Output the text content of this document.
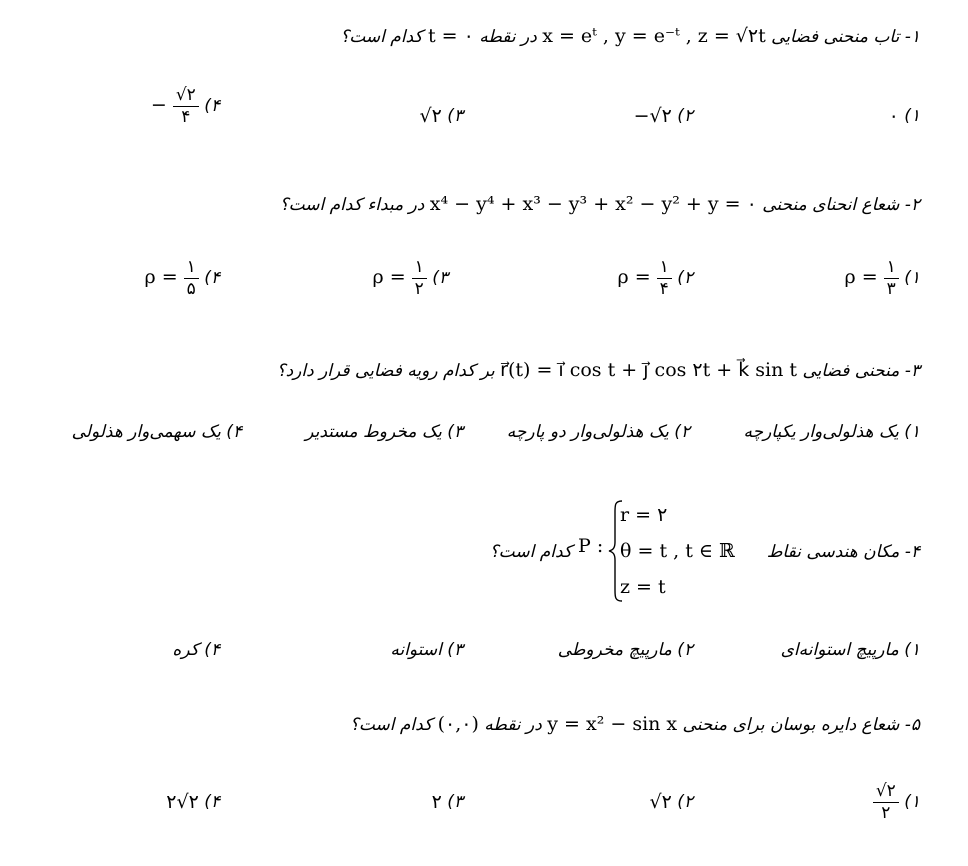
۱- تاب منحنی فضایی x = eᵗ , y = e⁻ᵗ , z = √۲t در نقطه t = ۰ کدام است؟
۱) ۰
۲) −√۲
۳) √۲
۴) − $\frac{√۲}{۴}$
۲- شعاع انحنای منحنی x⁴ − y⁴ + x³ − y³ + x² − y² + y = ۰ در مبداء کدام است؟
۱) $\rho = \frac{۱}{۳}$
۲) $\rho = \frac{۱}{۴}$
۳) $\rho = \frac{۱}{۲}$
۴) $\rho = \frac{۱}{۵}$
۳- منحنی فضایی r⃗(t) = i⃗ cos t + j⃗ cos ۲t + k⃗ sin t بر کدام رویه فضایی قرار دارد؟
۱) یک هذلولی‌وار یکپارچه
۲) یک هذلولی‌وار دو پارچه
۳) یک مخروط مستدیر
۴) یک سهمی‌وار هذلولی
۴- مکان هندسی نقاط
P :
r = ۲
θ = t , t ∈ ℝ
z = t
کدام است؟
۱) مارپیچ استوانه‌ای
۲) مارپیچ مخروطی
۳) استوانه
۴) کره
۵- شعاع دایره بوسان برای منحنی y = x² − sin x در نقطه (۰,۰) کدام است؟
۱)
$\frac{√۲}{۲}$
۲) √۲
۳) ۲
۴) ۲√۲
